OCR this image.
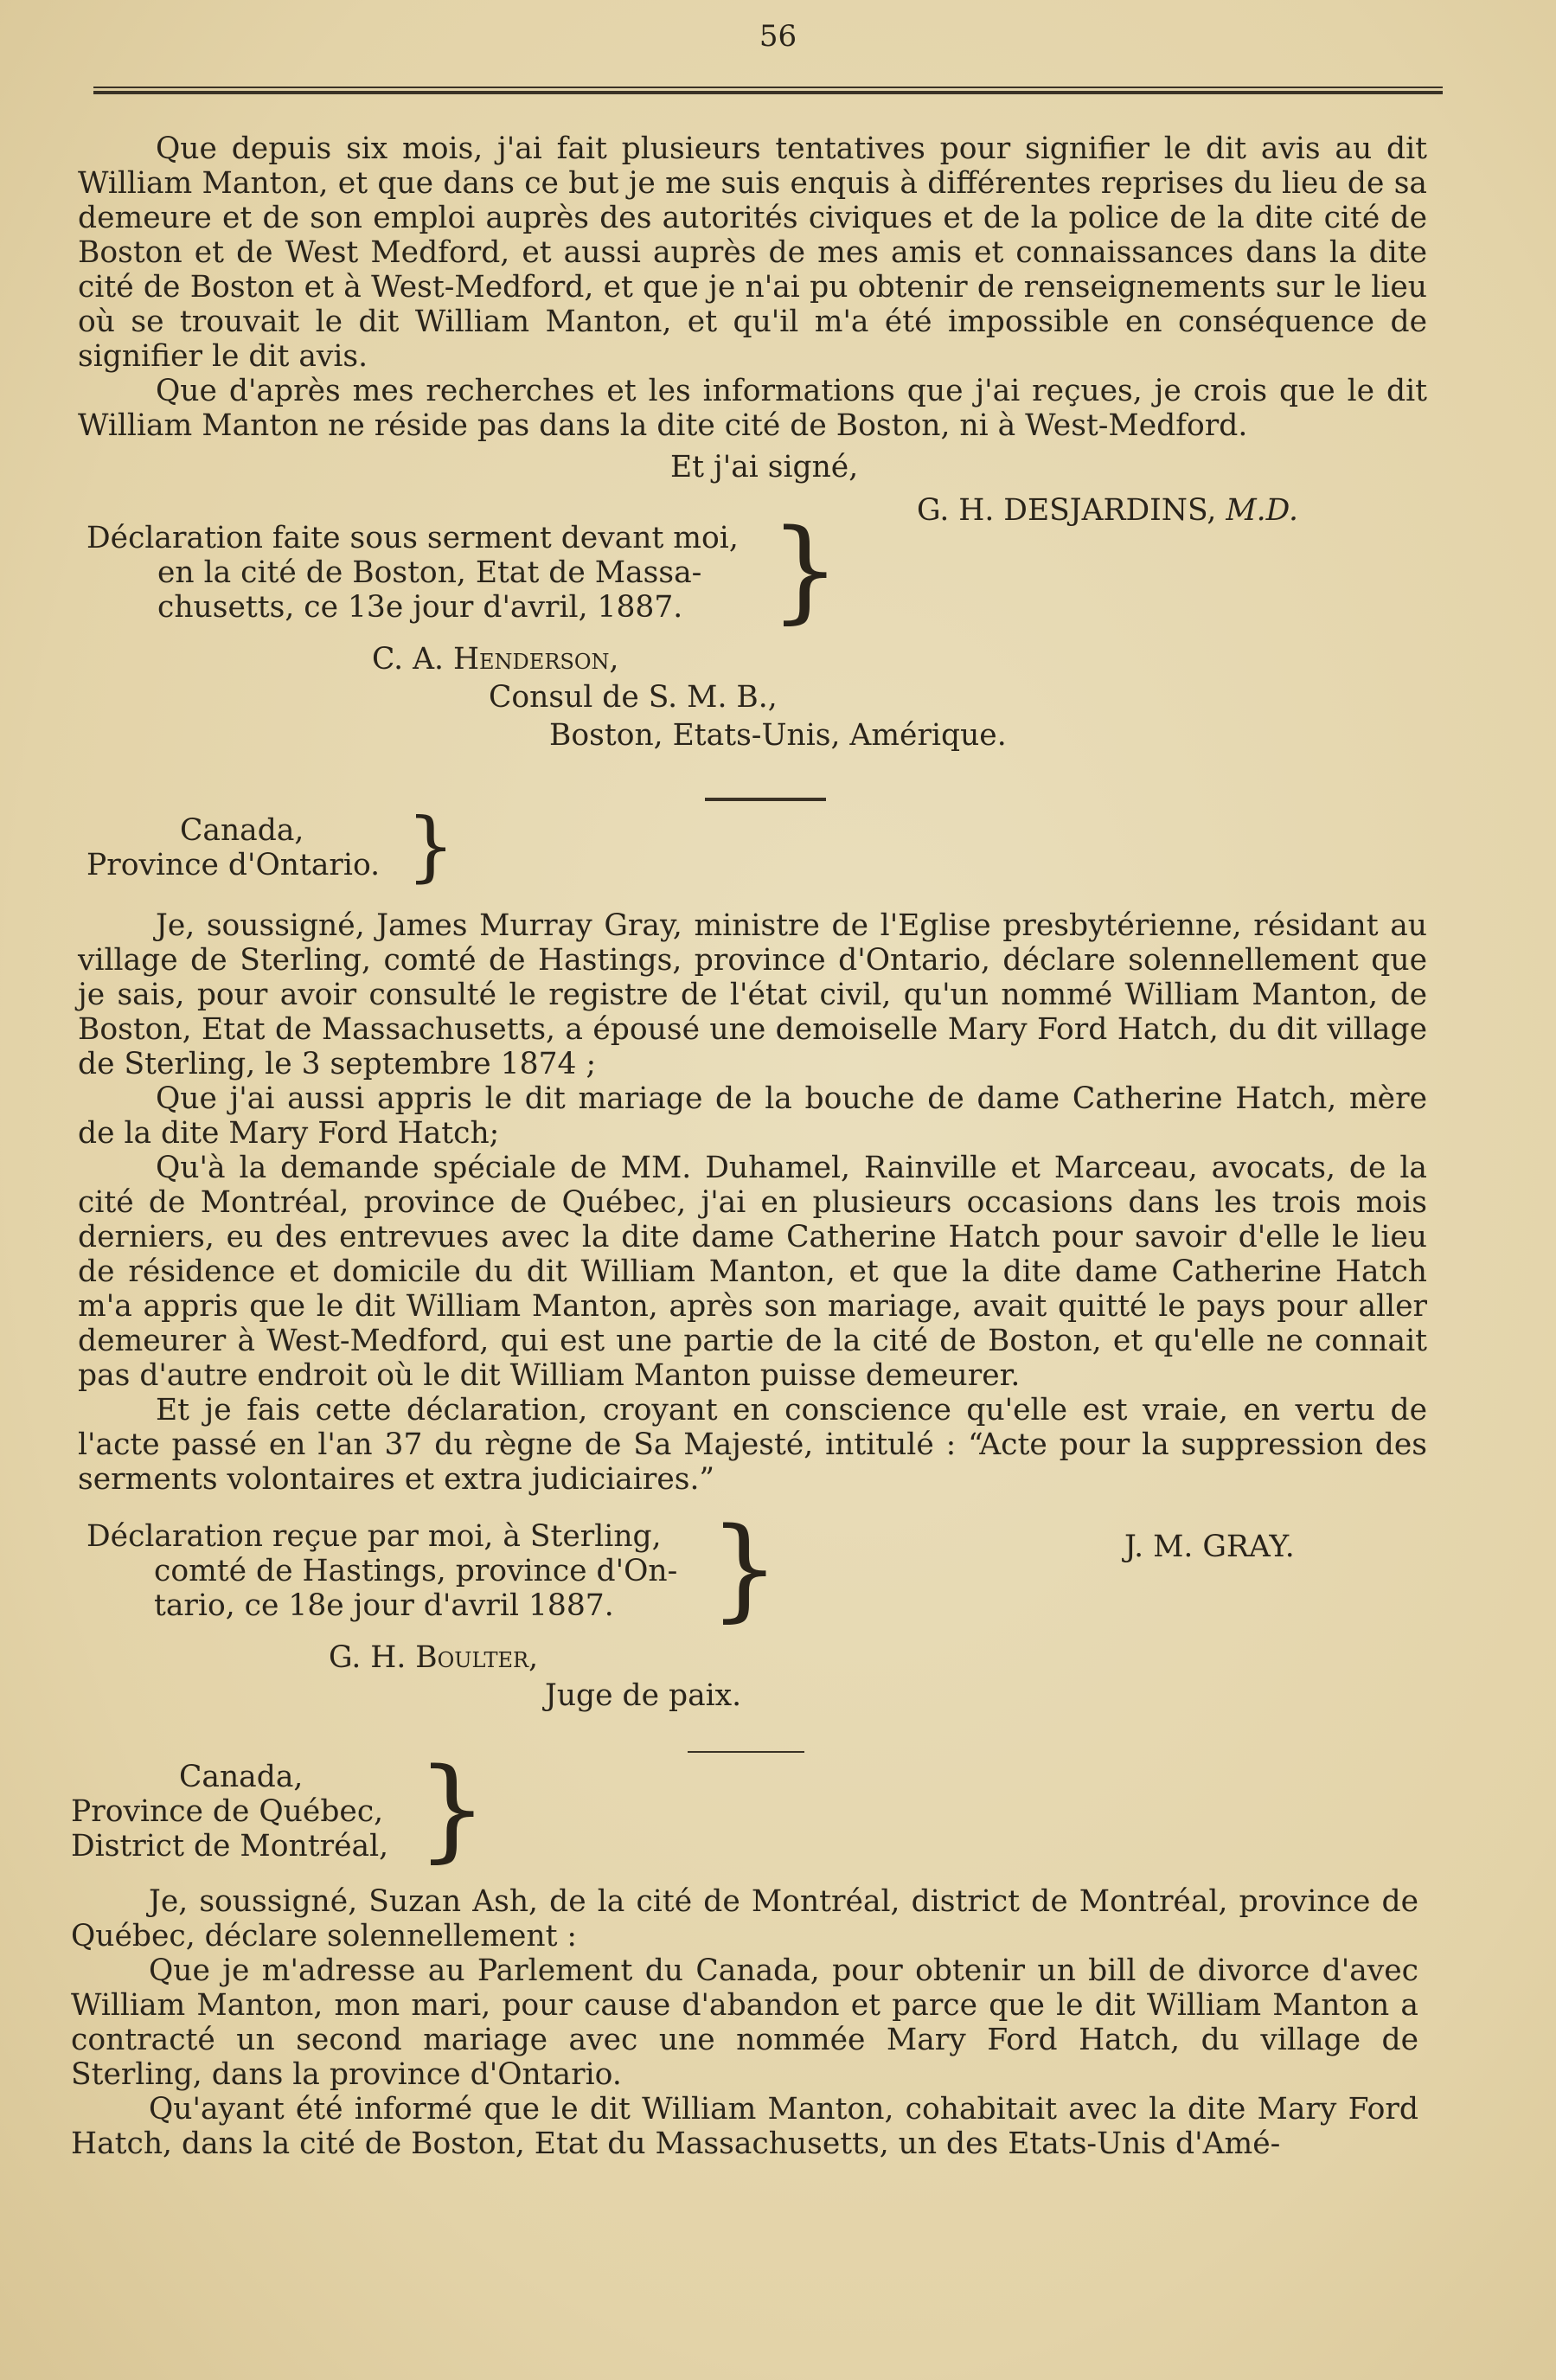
56

Que depuis six mois, j'ai fait plusieurs tentatives pour signifier le dit avis au dit William Manton, et que dans ce but je me suis enquis à différentes reprises du lieu de sa demeure et de son emploi auprès des autorités civiques et de la police de la dite cité de Boston et de West Medford, et aussi auprès de mes amis et connaissances dans la dite cité de Boston et à West-Medford, et que je n'ai pu obtenir de renseignements sur le lieu où se trouvait le dit William Manton, et qu'il m'a été impossible en conséquence de signifier le dit avis.

Que d'après mes recherches et les informations que j'ai reçues, je crois que le dit William Manton ne réside pas dans la dite cité de Boston, ni à West-Medford.

Et j'ai signé,
G. H. DESJARDINS, M.D.
Déclaration faite sous serment devant moi,
en la cité de Boston, Etat de Massa-
chusetts, ce 13e jour d'avril, 1887. }
C. A. Henderson,
Consul de S. M. B.,
Boston, Etats-Unis, Amérique.
Canada,
Province d'Ontario. }

Je, soussigné, James Murray Gray, ministre de l'Eglise presbytérienne, résidant au village de Sterling, comté de Hastings, province d'Ontario, déclare solennellement que je sais, pour avoir consulté le registre de l'état civil, qu'un nommé William Manton, de Boston, Etat de Massachusetts, a épousé une demoiselle Mary Ford Hatch, du dit village de Sterling, le 3 septembre 1874 ;

Que j'ai aussi appris le dit mariage de la bouche de dame Catherine Hatch, mère de la dite Mary Ford Hatch;

Qu'à la demande spéciale de MM. Duhamel, Rainville et Marceau, avocats, de la cité de Montréal, province de Québec, j'ai en plusieurs occasions dans les trois mois derniers, eu des entrevues avec la dite dame Catherine Hatch pour savoir d'elle le lieu de résidence et domicile du dit William Manton, et que la dite dame Catherine Hatch m'a appris que le dit William Manton, après son mariage, avait quitté le pays pour aller demeurer à West-Medford, qui est une partie de la cité de Boston, et qu'elle ne connait pas d'autre endroit où le dit William Manton puisse demeurer.

Et je fais cette déclaration, croyant en conscience qu'elle est vraie, en vertu de l'acte passé en l'an 37 du règne de Sa Majesté, intitulé : “Acte pour la suppression des serments volontaires et extra judiciaires.”

Déclaration reçue par moi, à Sterling,
comté de Hastings, province d'On-
tario, ce 18e jour d'avril 1887. }	J. M. GRAY.
G. H. Boulter,
Juge de paix.
Canada,
Province de Québec,
District de Montréal, }

Je, soussigné, Suzan Ash, de la cité de Montréal, district de Montréal, province de Québec, déclare solennellement :

Que je m'adresse au Parlement du Canada, pour obtenir un bill de divorce d'avec William Manton, mon mari, pour cause d'abandon et parce que le dit William Manton a contracté un second mariage avec une nommée Mary Ford Hatch, du village de Sterling, dans la province d'Ontario.

Qu'ayant été informé que le dit William Manton, cohabitait avec la dite Mary Ford Hatch, dans la cité de Boston, Etat du Massachusetts, un des Etats-Unis d'Amé-
